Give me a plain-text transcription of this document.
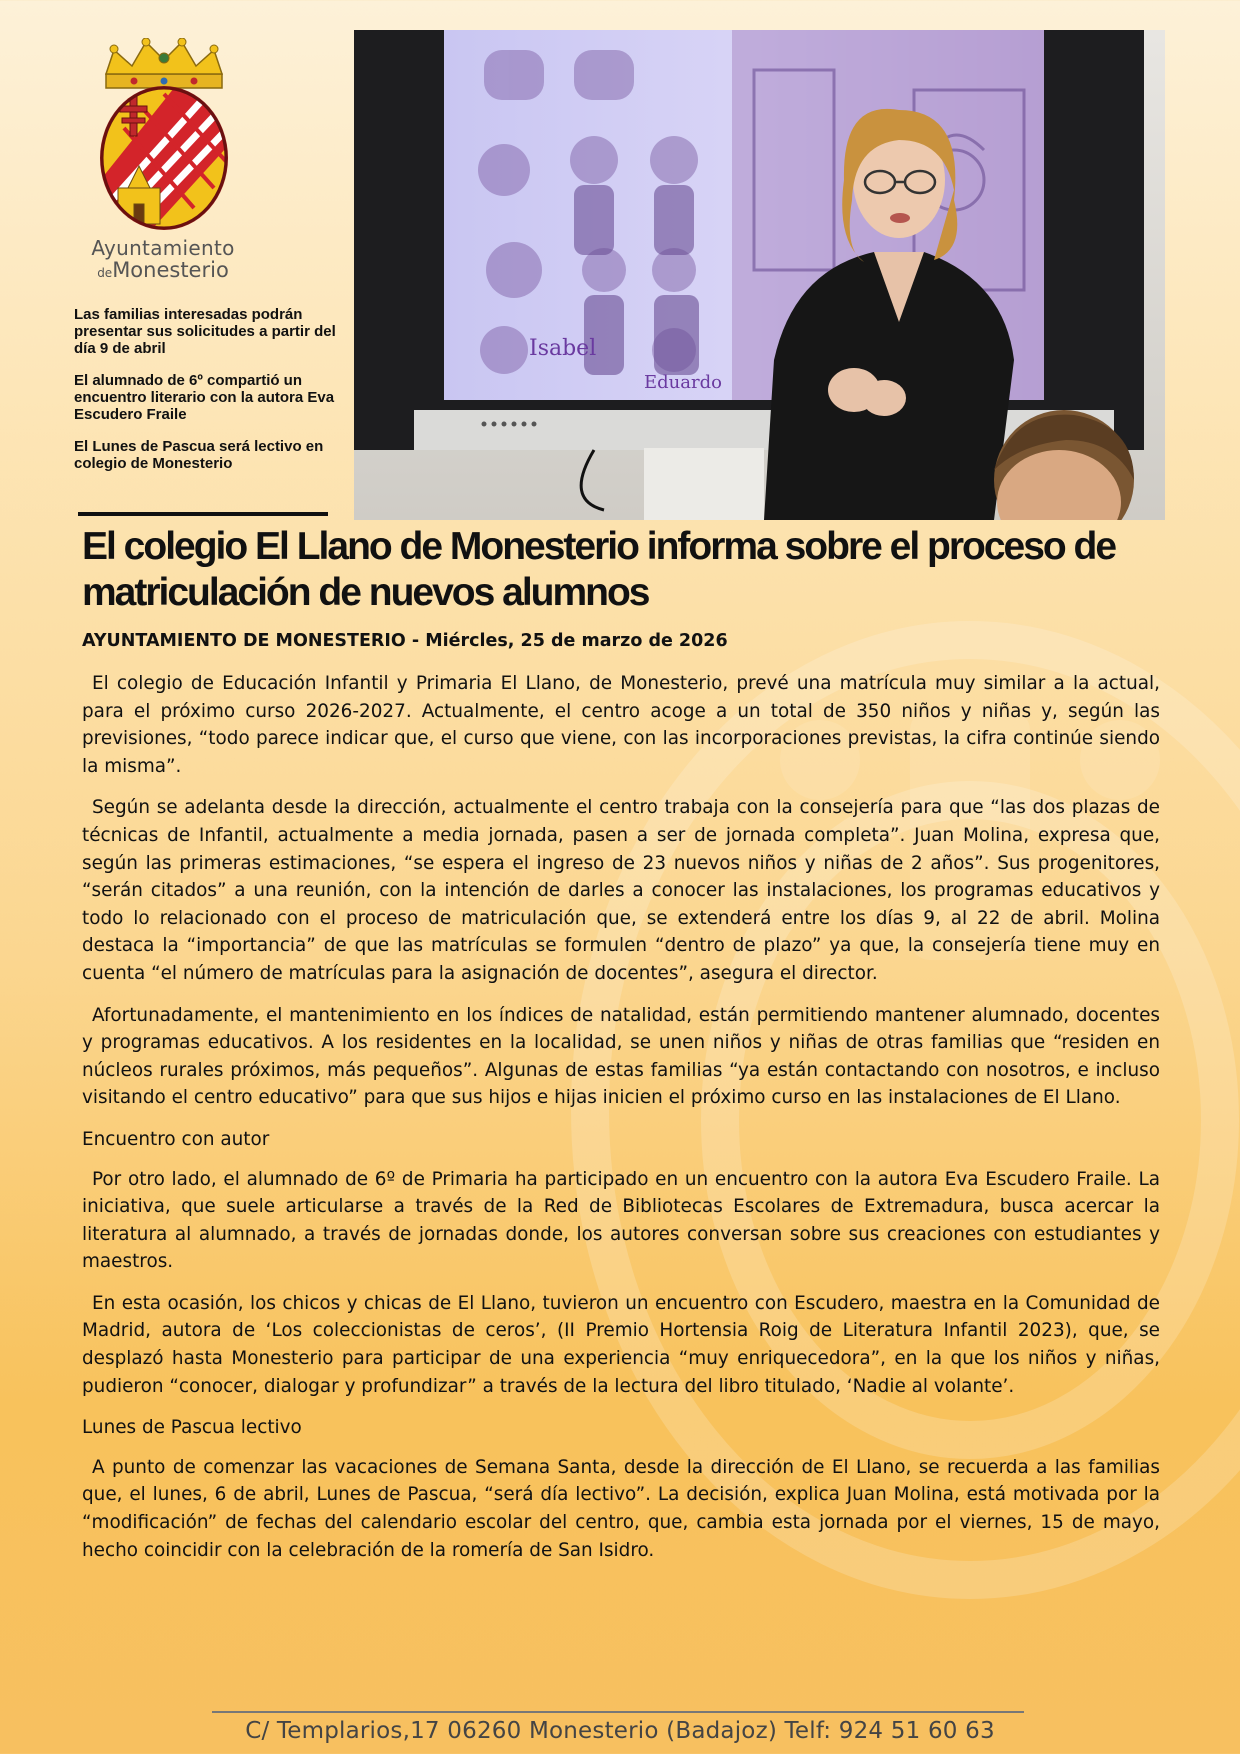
Ayuntamiento
deMonesterio

Las familias interesadas podrán presentar sus solicitudes a partir del día 9 de abril

El alumnado de 6º compartió un encuentro literario con la autora Eva Escudero Fraile

El Lunes de Pascua será lectivo en colegio de Monesterio

Isabel
Eduardo
El colegio El Llano de Monesterio informa sobre el proceso de matriculación de nuevos alumnos

AYUNTAMIENTO DE MONESTERIO - Miércles, 25 de marzo de 2026

El colegio de Educación Infantil y Primaria El Llano, de Monesterio, prevé una matrícula muy similar a la actual, para el próximo curso 2026-2027. Actualmente, el centro acoge a un total de 350 niños y niñas y, según las previsiones, “todo parece indicar que, el curso que viene, con las incorporaciones previstas, la cifra continúe siendo la misma”.

Según se adelanta desde la dirección, actualmente el centro trabaja con la consejería para que “las dos plazas de técnicas de Infantil, actualmente a media jornada, pasen a ser de jornada completa”. Juan Molina, expresa que, según las primeras estimaciones, “se espera el ingreso de 23 nuevos niños y niñas de 2 años”. Sus progenitores, “serán citados” a una reunión, con la intención de darles a conocer las instalaciones, los programas educativos y todo lo relacionado con el proceso de matriculación que, se extenderá entre los días 9, al 22 de abril. Molina destaca la “importancia” de que las matrículas se formulen “dentro de plazo” ya que, la consejería tiene muy en cuenta “el número de matrículas para la asignación de docentes”, asegura el director.

Afortunadamente, el mantenimiento en los índices de natalidad, están permitiendo mantener alumnado, docentes y programas educativos. A los residentes en la localidad, se unen niños y niñas de otras familias que “residen en núcleos rurales próximos, más pequeños”. Algunas de estas familias “ya están contactando con nosotros, e incluso visitando el centro educativo” para que sus hijos e hijas inicien el próximo curso en las instalaciones de El Llano.

Encuentro con autor

Por otro lado, el alumnado de 6º de Primaria ha participado en un encuentro con la autora Eva Escudero Fraile. La iniciativa, que suele articularse a través de la Red de Bibliotecas Escolares de Extremadura, busca acercar la literatura al alumnado, a través de jornadas donde, los autores conversan sobre sus creaciones con estudiantes y maestros.

En esta ocasión, los chicos y chicas de El Llano, tuvieron un encuentro con Escudero, maestra en la Comunidad de Madrid, autora de ‘Los coleccionistas de ceros’, (II Premio Hortensia Roig de Literatura Infantil 2023), que, se desplazó hasta Monesterio para participar de una experiencia “muy enriquecedora”, en la que los niños y niñas, pudieron “conocer, dialogar y profundizar” a través de la lectura del libro titulado, ‘Nadie al volante’.

Lunes de Pascua lectivo

A punto de comenzar las vacaciones de Semana Santa, desde la dirección de El Llano, se recuerda a las familias que, el lunes, 6 de abril, Lunes de Pascua, “será día lectivo”. La decisión, explica Juan Molina, está motivada por la “modificación” de fechas del calendario escolar del centro, que, cambia esta jornada por el viernes, 15 de mayo, hecho coincidir con la celebración de la romería de San Isidro.

C/ Templarios,17 06260 Monesterio (Badajoz) Telf: 924 51 60 63
